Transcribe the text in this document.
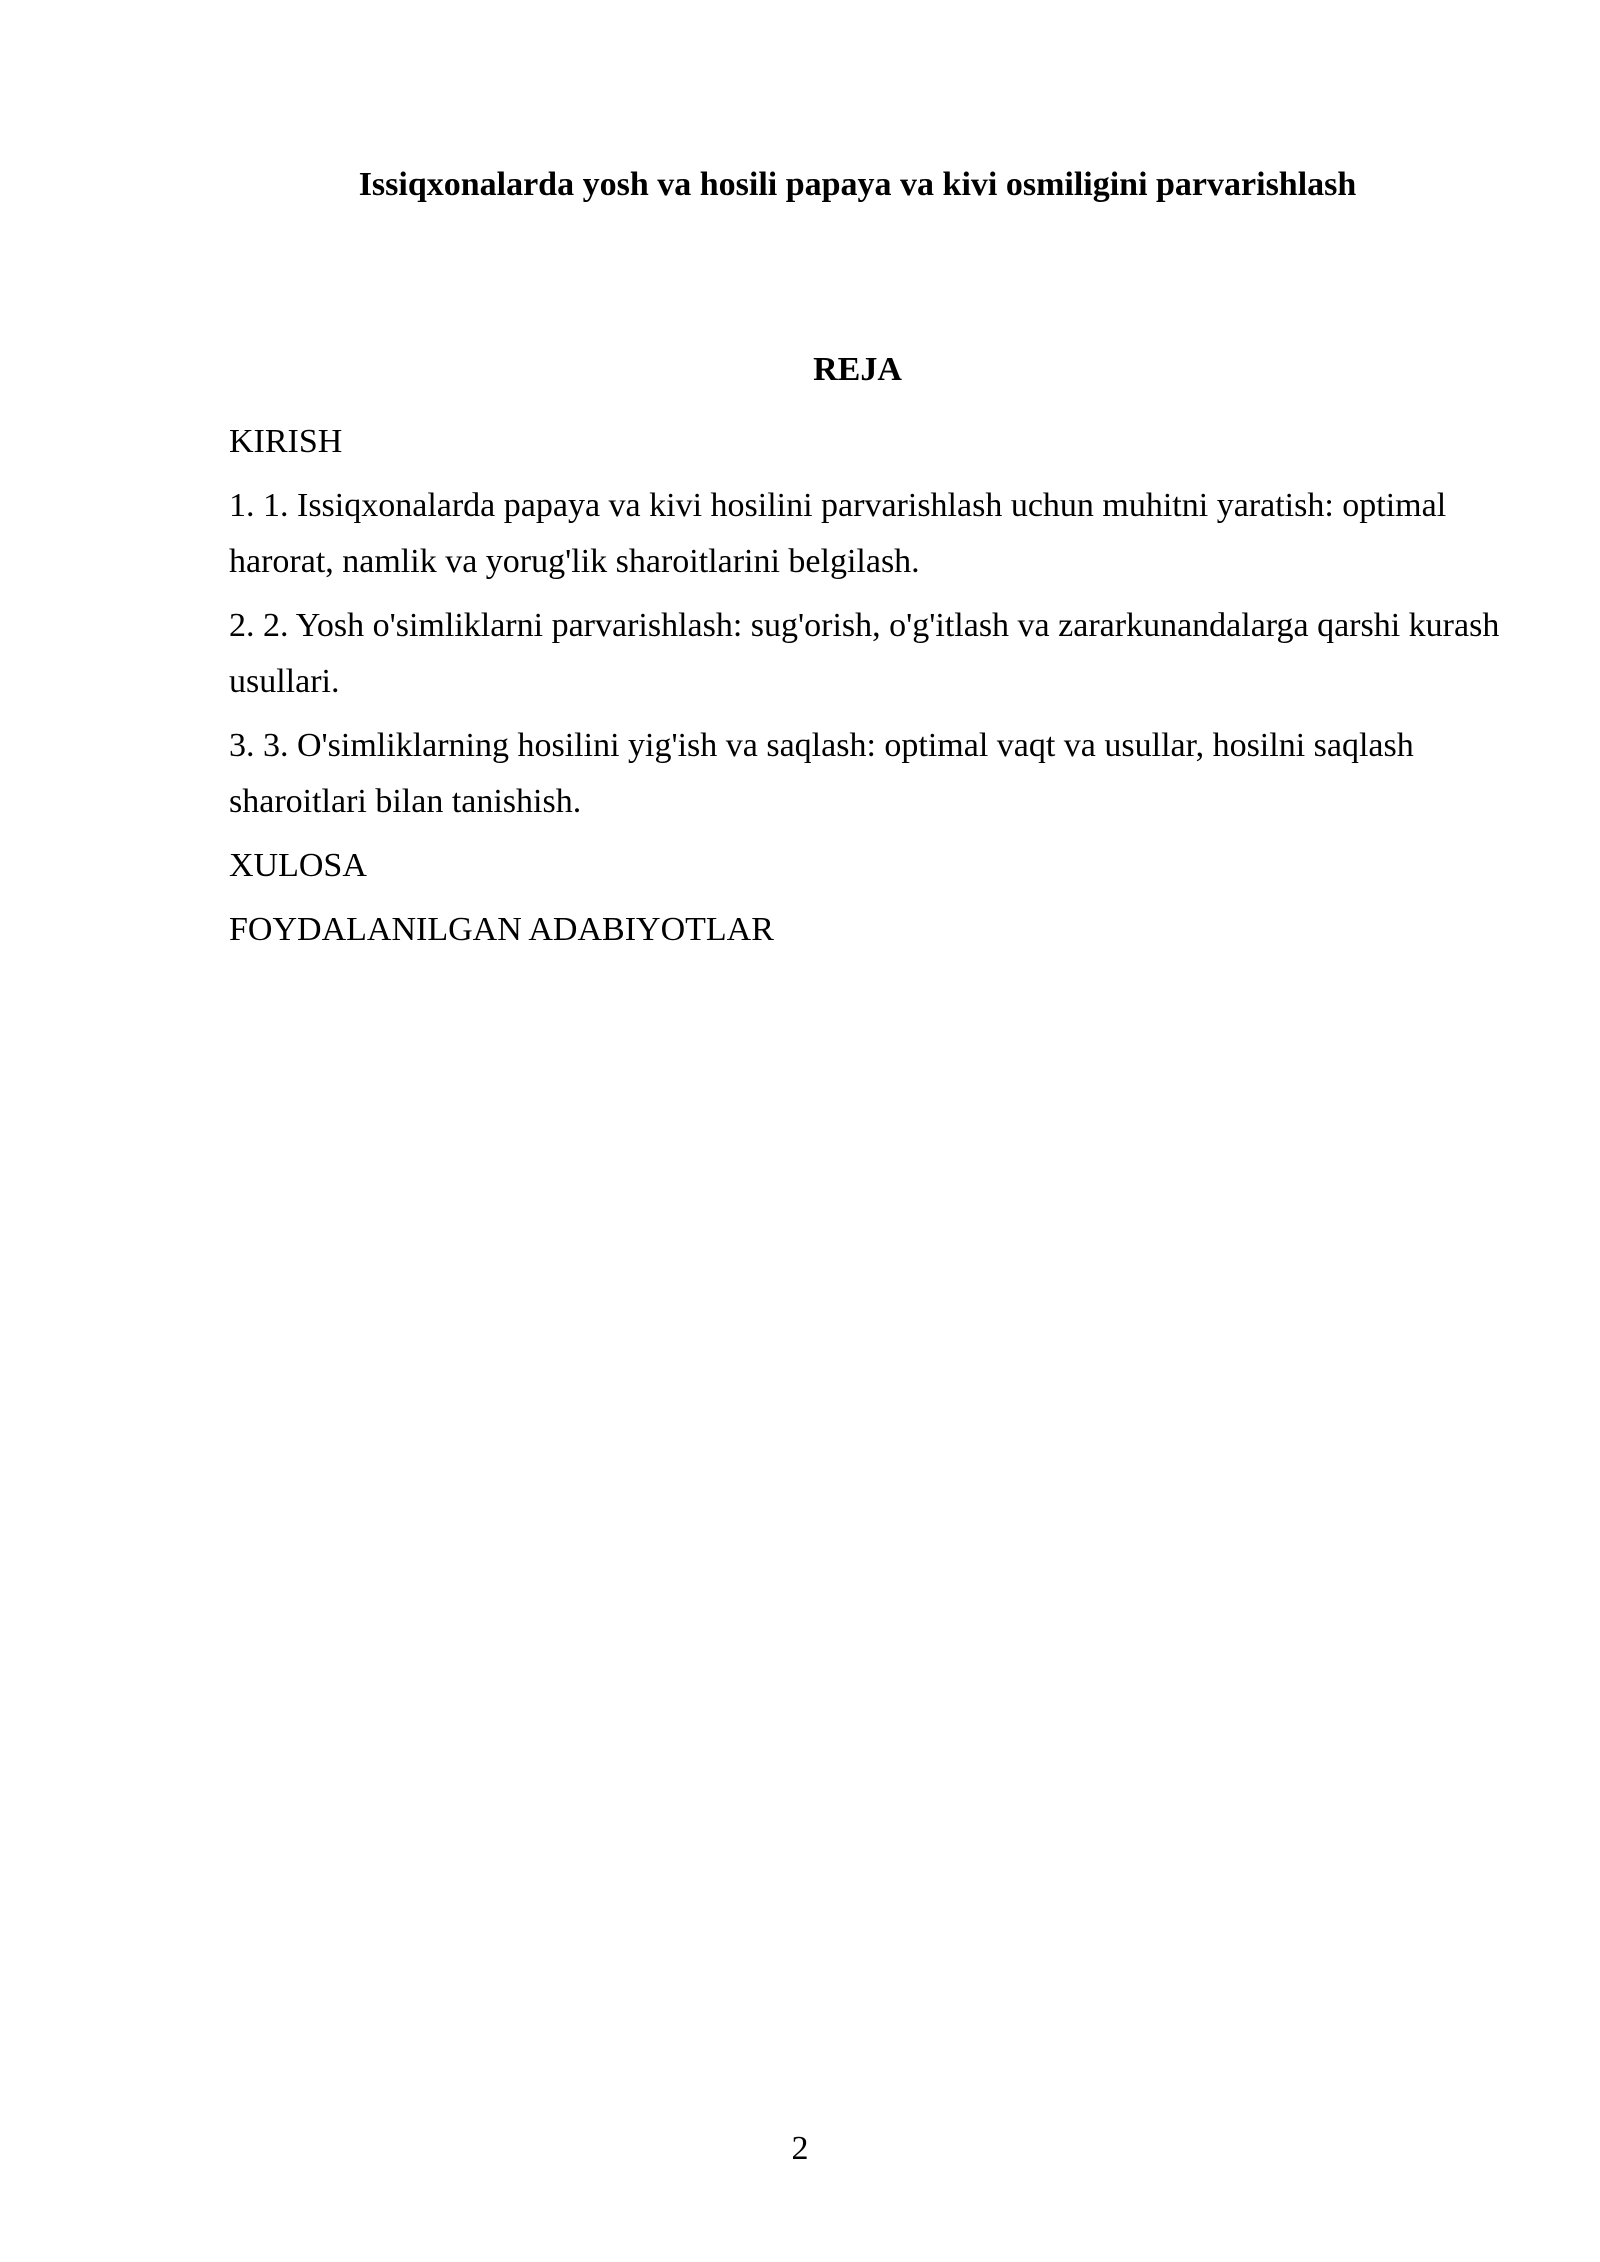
Issiqxonalarda yosh va hosili papaya va kivi osmiligini parvarishlash
REJA

KIRISH

1. 1. Issiqxonalarda papaya va kivi hosilini parvarishlash uchun muhitni yaratish: optimal harorat, namlik va yorug'lik sharoitlarini belgilash.

2. 2. Yosh o'simliklarni parvarishlash: sug'orish, o'g'itlash va zararkunandalarga qarshi kurash usullari.

3. 3. O'simliklarning hosilini yig'ish va saqlash: optimal vaqt va usullar, hosilni saqlash sharoitlari bilan tanishish.

XULOSA

FOYDALANILGAN ADABIYOTLAR

2
